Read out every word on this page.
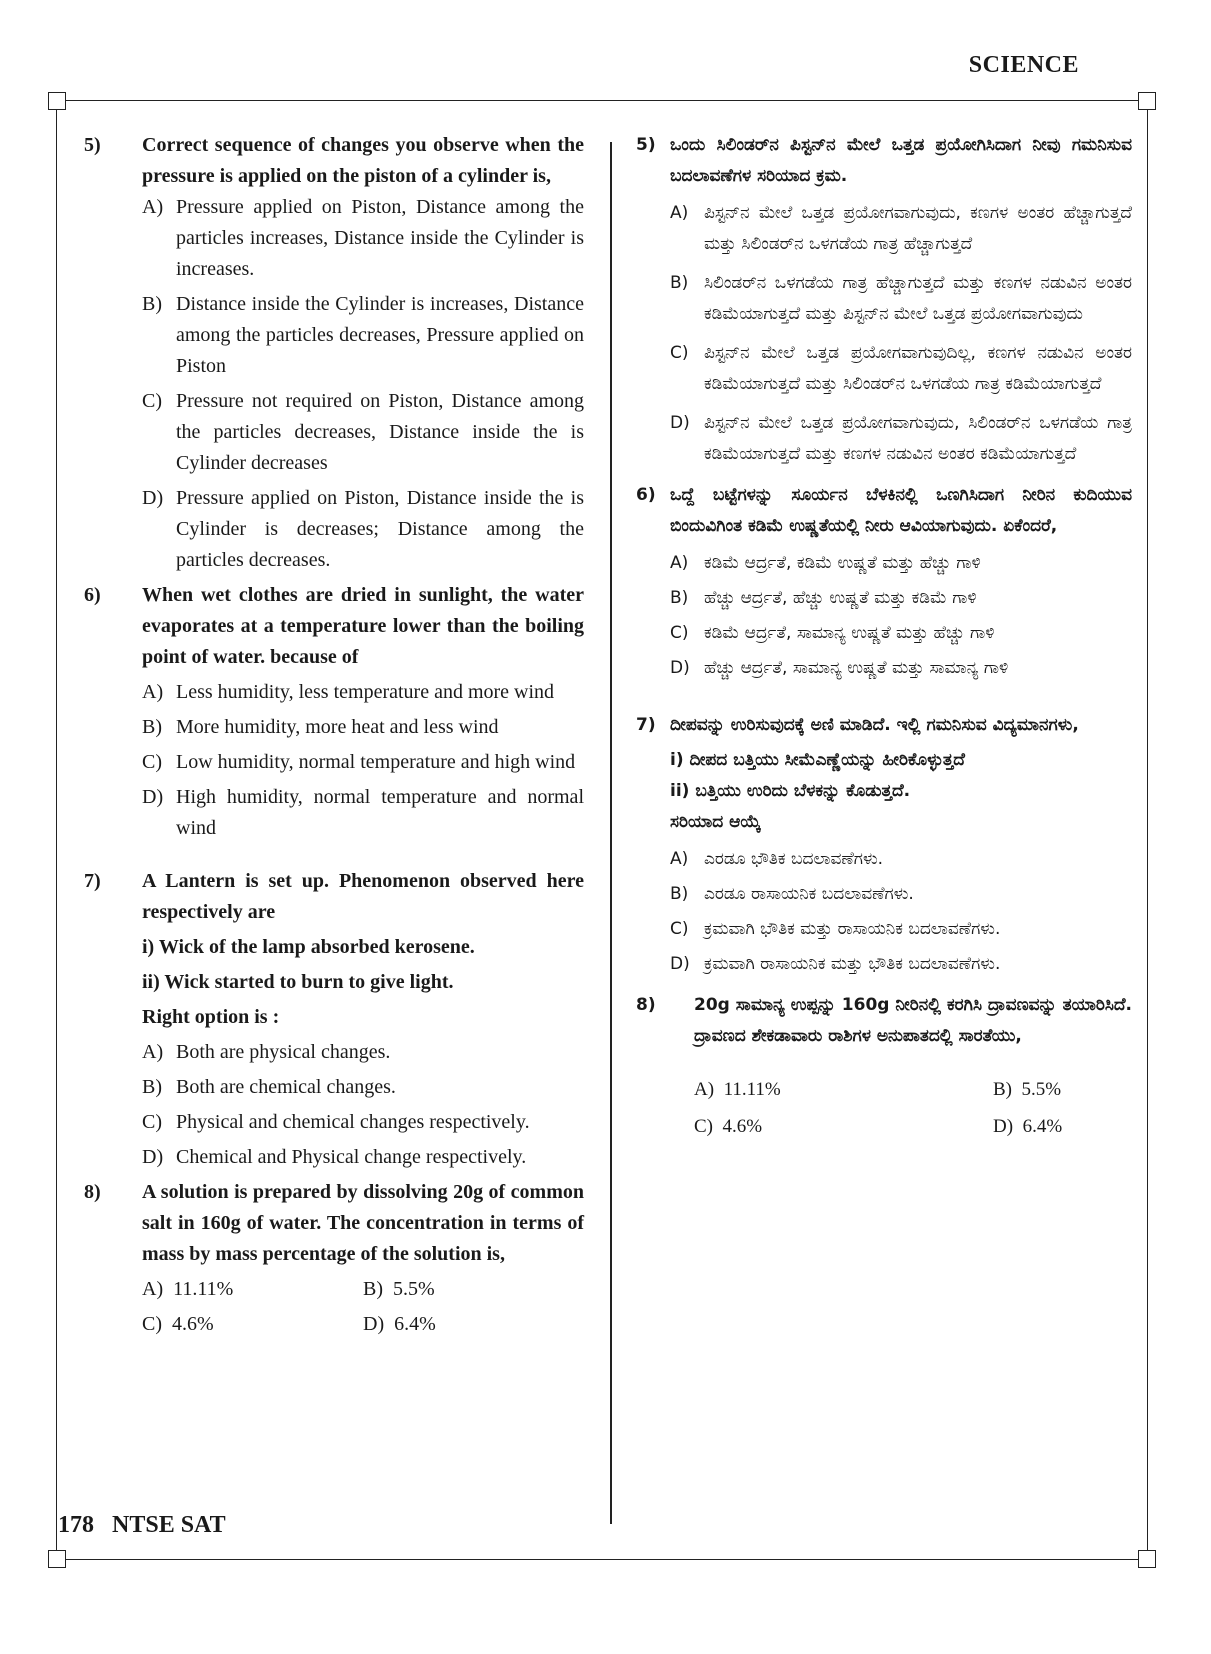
SCIENCE
5)	Correct sequence of changes you observe when the pressure is applied on the piston of a cylinder is,
A) Pressure applied on Piston, Distance among the particles increases, Distance inside the Cylinder is increases.
B) Distance inside the Cylinder is increases, Distance among the particles decreases, Pressure applied on Piston
C) Pressure not required on Piston, Distance among the particles decreases, Distance inside the is Cylinder decreases
D) Pressure applied on Piston, Distance inside the is Cylinder is decreases; Distance among the particles decreases.
6)	When wet clothes are dried in sunlight, the water evaporates at a temperature lower than the boiling point of water. because of
A) Less humidity, less temperature and more wind
B) More humidity, more heat and less wind
C) Low humidity, normal temperature and high wind
D) High humidity, normal temperature and normal wind
7)	A Lantern is set up. Phenomenon observed here respectively are
i) Wick of the lamp absorbed kerosene.
ii) Wick started to burn to give light.
Right option is :
A) Both are physical changes.
B) Both are chemical changes.
C) Physical and chemical changes respectively.
D) Chemical and Physical change respectively.
8)	A solution is prepared by dissolving 20g of common salt in 160g of water. The concentration in terms of mass by mass percentage of the solution is,
A) 11.11%	B) 5.5%
C) 4.6%	D) 6.4%
5) ಒಂದು ಸಿಲಿಂಡರ್‌ನ ಪಿಸ್ಟನ್‌ನ ಮೇಲೆ ಒತ್ತಡ ಪ್ರಯೋಗಿಸಿದಾಗ ನೀವು ಗಮನಿಸುವ ಬದಲಾವಣೆಗಳ ಸರಿಯಾದ ಕ್ರಮ.
A) ಪಿಸ್ಟನ್‌ನ ಮೇಲೆ ಒತ್ತಡ ಪ್ರಯೋಗವಾಗುವುದು, ಕಣಗಳ ಅಂತರ ಹೆಚ್ಚಾಗುತ್ತದೆ ಮತ್ತು ಸಿಲಿಂಡರ್‌ನ ಒಳಗಡೆಯ ಗಾತ್ರ ಹೆಚ್ಚಾಗುತ್ತದೆ
B) ಸಿಲಿಂಡರ್‌ನ ಒಳಗಡೆಯ ಗಾತ್ರ ಹೆಚ್ಚಾಗುತ್ತದೆ ಮತ್ತು ಕಣಗಳ ನಡುವಿನ ಅಂತರ ಕಡಿಮೆಯಾಗುತ್ತದೆ ಮತ್ತು ಪಿಸ್ಟನ್‌ನ ಮೇಲೆ ಒತ್ತಡ ಪ್ರಯೋಗವಾಗುವುದು
C) ಪಿಸ್ಟನ್‌ನ ಮೇಲೆ ಒತ್ತಡ ಪ್ರಯೋಗವಾಗುವುದಿಲ್ಲ, ಕಣಗಳ ನಡುವಿನ ಅಂತರ ಕಡಿಮೆಯಾಗುತ್ತದೆ ಮತ್ತು ಸಿಲಿಂಡರ್‌ನ ಒಳಗಡೆಯ ಗಾತ್ರ ಕಡಿಮೆಯಾಗುತ್ತದೆ
D) ಪಿಸ್ಟನ್‌ನ ಮೇಲೆ ಒತ್ತಡ ಪ್ರಯೋಗವಾಗುವುದು, ಸಿಲಿಂಡರ್‌ನ ಒಳಗಡೆಯ ಗಾತ್ರ ಕಡಿಮೆಯಾಗುತ್ತದೆ ಮತ್ತು ಕಣಗಳ ನಡುವಿನ ಅಂತರ ಕಡಿಮೆಯಾಗುತ್ತದೆ
6) ಒದ್ದೆ ಬಟ್ಟೆಗಳನ್ನು ಸೂರ್ಯನ ಬೆಳಕಿನಲ್ಲಿ ಒಣಗಿಸಿದಾಗ ನೀರಿನ ಕುದಿಯುವ ಬಿಂದುವಿಗಿಂತ ಕಡಿಮೆ ಉಷ್ಣತೆಯಲ್ಲಿ ನೀರು ಆವಿಯಾಗುವುದು. ಏಕೆಂದರೆ,
A) ಕಡಿಮೆ ಆರ್ದ್ರತೆ, ಕಡಿಮೆ ಉಷ್ಣತೆ ಮತ್ತು ಹೆಚ್ಚು ಗಾಳಿ
B) ಹೆಚ್ಚು ಆರ್ದ್ರತೆ, ಹೆಚ್ಚು ಉಷ್ಣತೆ ಮತ್ತು ಕಡಿಮೆ ಗಾಳಿ
C) ಕಡಿಮೆ ಆರ್ದ್ರತೆ, ಸಾಮಾನ್ಯ ಉಷ್ಣತೆ ಮತ್ತು ಹೆಚ್ಚು ಗಾಳಿ
D) ಹೆಚ್ಚು ಆರ್ದ್ರತೆ, ಸಾಮಾನ್ಯ ಉಷ್ಣತೆ ಮತ್ತು ಸಾಮಾನ್ಯ ಗಾಳಿ
7) ದೀಪವನ್ನು ಉರಿಸುವುದಕ್ಕೆ ಅಣಿ ಮಾಡಿದೆ. ಇಲ್ಲಿ ಗಮನಿಸುವ ವಿದ್ಯಮಾನಗಳು,
i) ದೀಪದ ಬತ್ತಿಯು ಸೀಮೆಎಣ್ಣೆಯನ್ನು ಹೀರಿಕೊಳ್ಳುತ್ತದೆ
ii) ಬತ್ತಿಯು ಉರಿದು ಬೆಳಕನ್ನು ಕೊಡುತ್ತದೆ.
ಸರಿಯಾದ ಆಯ್ಕೆ
A) ಎರಡೂ ಭೌತಿಕ ಬದಲಾವಣೆಗಳು.
B) ಎರಡೂ ರಾಸಾಯನಿಕ ಬದಲಾವಣೆಗಳು.
C) ಕ್ರಮವಾಗಿ ಭೌತಿಕ ಮತ್ತು ರಾಸಾಯನಿಕ ಬದಲಾವಣೆಗಳು.
D) ಕ್ರಮವಾಗಿ ರಾಸಾಯನಿಕ ಮತ್ತು ಭೌತಿಕ ಬದಲಾವಣೆಗಳು.
8)	20g ಸಾಮಾನ್ಯ ಉಪ್ಪನ್ನು 160g ನೀರಿನಲ್ಲಿ ಕರಗಿಸಿ ದ್ರಾವಣವನ್ನು ತಯಾರಿಸಿದೆ. ದ್ರಾವಣದ ಶೇಕಡಾವಾರು ರಾಶಿಗಳ ಅನುಪಾತದಲ್ಲಿ ಸಾರತೆಯು,
A) 11.11%	B) 5.5%
C) 4.6%	D) 6.4%
178 NTSE SAT
